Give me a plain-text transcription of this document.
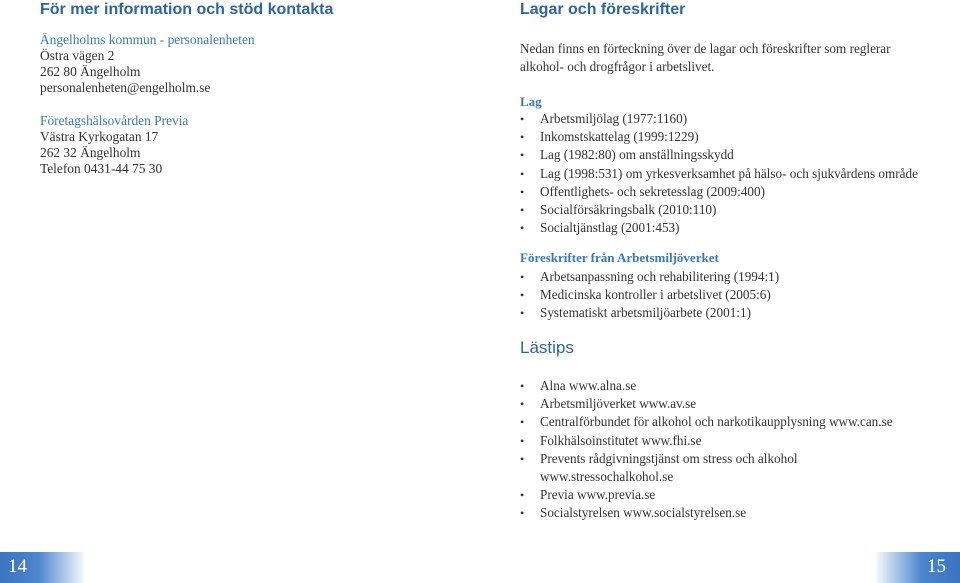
För mer information och stöd kontakta
Ängelholms kommun - personalenheten
Östra vägen 2
262 80 Ängelholm
personalenheten@engelholm.se
Företagshälsovården Previa
Västra Kyrkogatan 17
262 32 Ängelholm
Telefon 0431-44 75 30
Lagar och föreskrifter
Nedan finns en förteckning över de lagar och föreskrifter som reglerar alkohol- och drogfrågor i arbetslivet.
Lag
• Arbetsmiljölag (1977:1160)
• Inkomstskattelag (1999:1229)
• Lag (1982:80) om anställningsskydd
• Lag (1998:531) om yrkesverksamhet på hälso- och sjukvårdens område
• Offentlighets- och sekretesslag (2009:400)
• Socialförsäkringsbalk (2010:110)
• Socialtjänstlag (2001:453)
Föreskrifter från Arbetsmiljöverket
• Arbetsanpassning och rehabilitering (1994:1)
• Medicinska kontroller i arbetslivet (2005:6)
• Systematiskt arbetsmiljöarbete (2001:1)
Lästips
• Alna www.alna.se
• Arbetsmiljöverket www.av.se
• Centralförbundet för alkohol och narkotikaupplysning www.can.se
• Folkhälsoinstitutet www.fhi.se
• Prevents rådgivningstjänst om stress och alkohol www.stressochalkohol.se
• Previa www.previa.se
• Socialstyrelsen www.socialstyrelsen.se
14	15
